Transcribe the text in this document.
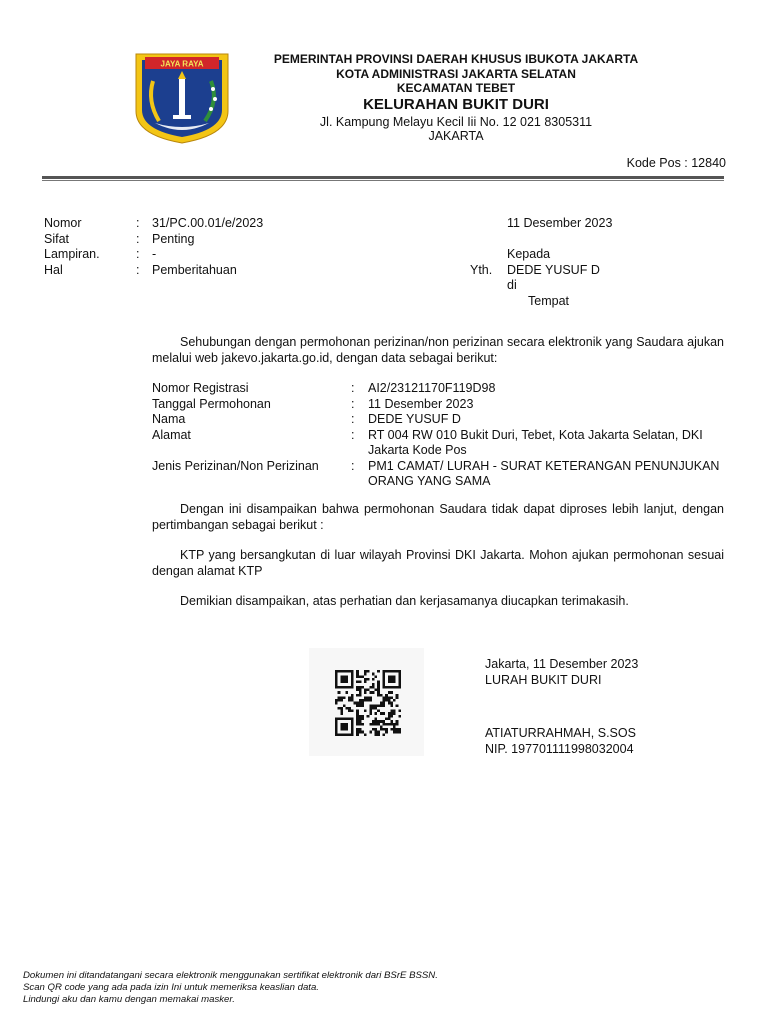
JAYA RAYA	PEMERINTAH PROVINSI DAERAH KHUSUS IBUKOTA JAKARTA
KOTA ADMINISTRASI JAKARTA SELATAN
KECAMATAN TEBET
KELURAHAN BUKIT DURI
Jl. Kampung Melayu Kecil Iii No. 12 021 8305311
JAKARTA
Kode Pos : 12840
Nomor	:	31/PC.00.01/e/2023
Sifat	:	Penting
Lampiran.	:	-
Hal	:	Pemberitahuan
11 Desember 2023
Kepada
Yth.	DEDE YUSUF D
di
Tempat
Sehubungan dengan permohonan perizinan/non perizinan secara elektronik yang Saudara ajukan melalui web jakevo.jakarta.go.id, dengan data sebagai berikut:
Nomor Registrasi	:	AI2/23121170F119D98
Tanggal Permohonan	:	11 Desember 2023
Nama	:	DEDE YUSUF D
Alamat	:	RT 004 RW 010 Bukit Duri, Tebet, Kota Jakarta Selatan, DKI Jakarta Kode Pos
Jenis Perizinan/Non Perizinan	:	PM1 CAMAT/ LURAH - SURAT KETERANGAN PENUNJUKAN ORANG YANG SAMA
Dengan ini disampaikan bahwa permohonan Saudara tidak dapat diproses lebih lanjut, dengan pertimbangan sebagai berikut :
KTP yang bersangkutan di luar wilayah Provinsi DKI Jakarta. Mohon ajukan permohonan sesuai dengan alamat KTP
Demikian disampaikan, atas perhatian dan kerjasamanya diucapkan terimakasih.
Jakarta, 11 Desember 2023
LURAH BUKIT DURI
ATIATURRAHMAH, S.SOS
NIP. 197701111998032004
Dokumen ini ditandatangani secara elektronik menggunakan sertifikat elektronik dari BSrE BSSN.
Scan QR code yang ada pada izin Ini untuk memeriksa keaslian data.
Lindungi aku dan kamu dengan memakai masker.
